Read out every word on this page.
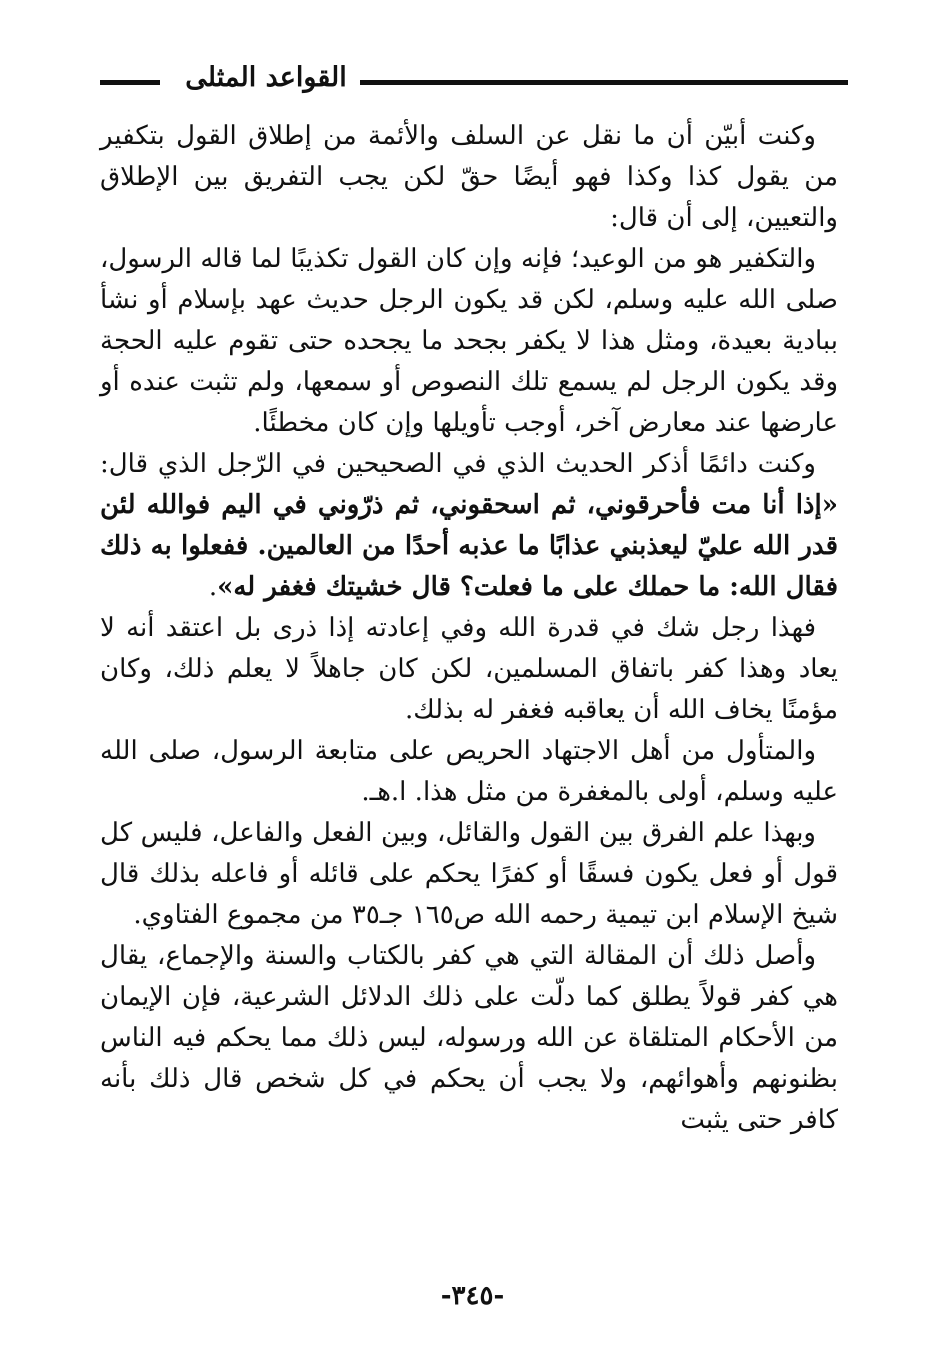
القواعد المثلى

وكنت أبيّن أن ما نقل عن السلف والأئمة من إطلاق القول بتكفير من يقول كذا وكذا فهو أيضًا حقّ لكن يجب التفريق بين الإطلاق والتعيين، إلى أن قال:

والتكفير هو من الوعيد؛ فإنه وإن كان القول تكذيبًا لما قاله الرسول، صلى الله عليه وسلم، لكن قد يكون الرجل حديث عهد بإسلام أو نشأ ببادية بعيدة، ومثل هذا لا يكفر بجحد ما يجحده حتى تقوم عليه الحجة وقد يكون الرجل لم يسمع تلك النصوص أو سمعها، ولم تثبت عنده أو عارضها عند معارض آخر، أوجب تأويلها وإن كان مخطئًا.

وكنت دائمًا أذكر الحديث الذي في الصحيحين في الرّجل الذي قال: «إذا أنا مت فأحرقوني، ثم اسحقوني، ثم ذرّوني في اليم فوالله لئن قدر الله عليّ ليعذبني عذابًا ما عذبه أحدًا من العالمين. ففعلوا به ذلك فقال الله: ما حملك على ما فعلت؟ قال خشيتك فغفر له».

فهذا رجل شك في قدرة الله وفي إعادته إذا ذرى بل اعتقد أنه لا يعاد وهذا كفر باتفاق المسلمين، لكن كان جاهلاً لا يعلم ذلك، وكان مؤمنًا يخاف الله أن يعاقبه فغفر له بذلك.

والمتأول من أهل الاجتهاد الحريص على متابعة الرسول، صلى الله عليه وسلم، أولى بالمغفرة من مثل هذا. ا.هـ.

وبهذا علم الفرق بين القول والقائل، وبين الفعل والفاعل، فليس كل قول أو فعل يكون فسقًا أو كفرًا يحكم على قائله أو فاعله بذلك قال شيخ الإسلام ابن تيمية رحمه الله ص١٦٥ جـ٣٥ من مجموع الفتاوي.

وأصل ذلك أن المقالة التي هي كفر بالكتاب والسنة والإجماع، يقال هي كفر قولاً يطلق كما دلّت على ذلك الدلائل الشرعية، فإن الإيمان من الأحكام المتلقاة عن الله ورسوله، ليس ذلك مما يحكم فيه الناس بظنونهم وأهوائهم، ولا يجب أن يحكم في كل شخص قال ذلك بأنه كافر حتى يثبت

-٣٤٥-
